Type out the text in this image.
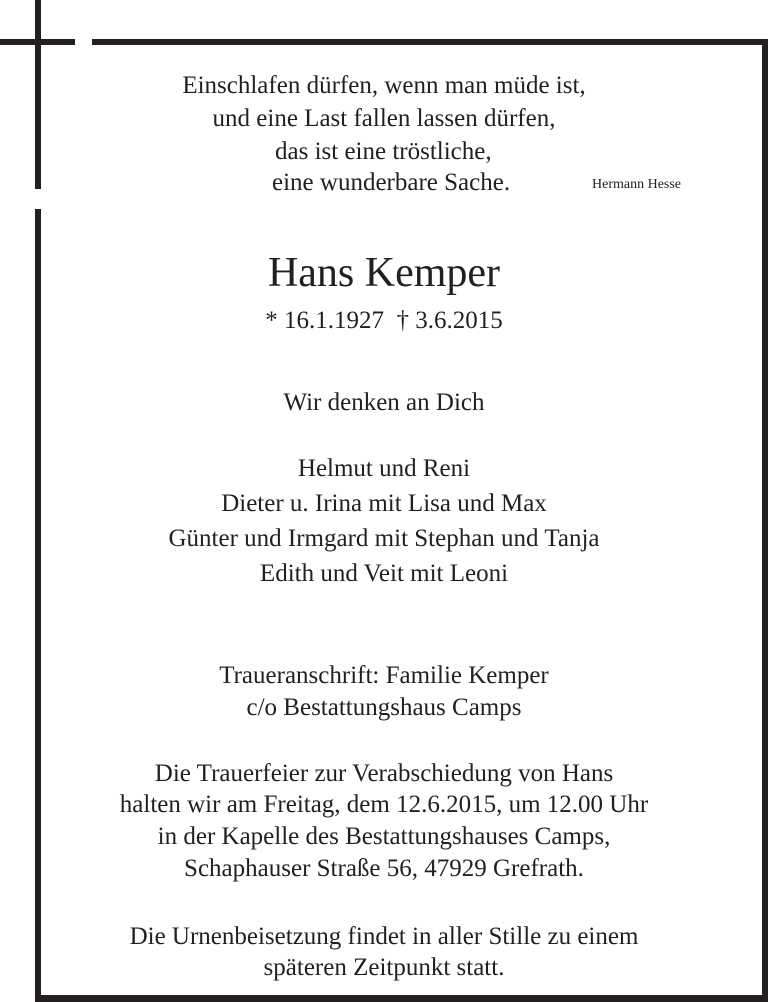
Einschlafen dürfen, wenn man müde ist,
und eine Last fallen lassen dürfen,
das ist eine tröstliche,
eine wunderbare Sache.	Hermann Hesse
Hans Kemper
* 16.1.1927  † 3.6.2015
Wir denken an Dich
Helmut und Reni
Dieter u. Irina mit Lisa und Max
Günter und Irmgard mit Stephan und Tanja
Edith und Veit mit Leoni
Traueranschrift: Familie Kemper
c/o Bestattungshaus Camps
Die Trauerfeier zur Verabschiedung von Hans
halten wir am Freitag, dem 12.6.2015, um 12.00 Uhr
in der Kapelle des Bestattungshauses Camps,
Schaphauser Straße 56, 47929 Grefrath.
Die Urnenbeisetzung findet in aller Stille zu einem
späteren Zeitpunkt statt.
